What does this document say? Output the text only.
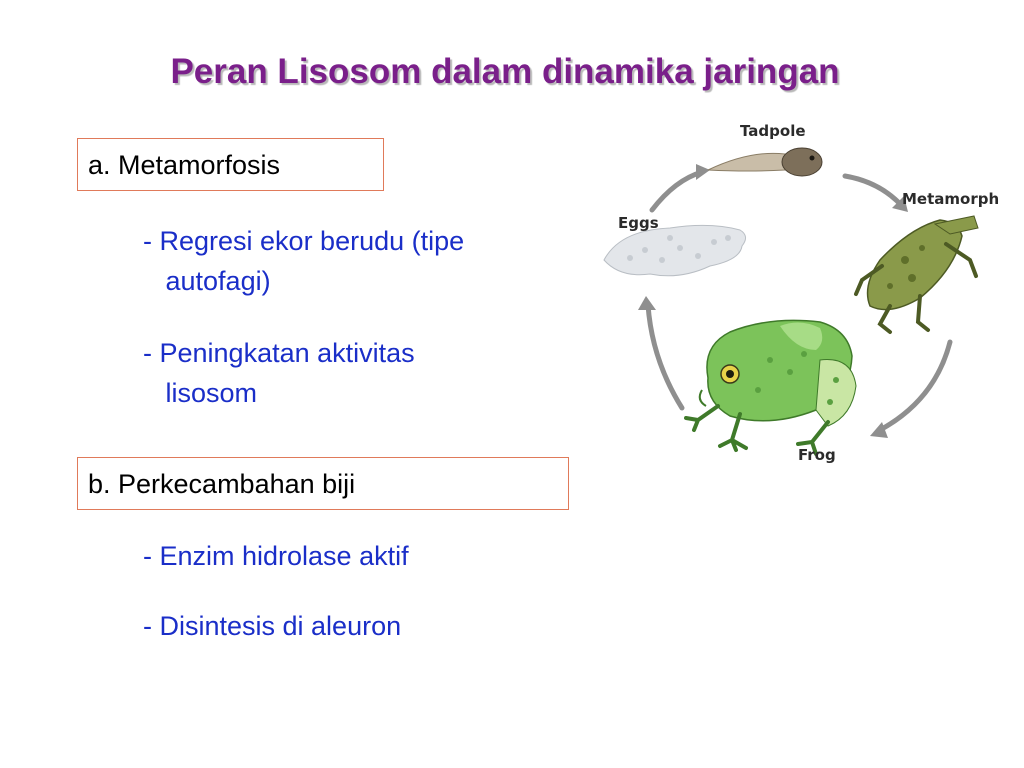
Peran Lisosom dalam dinamika jaringan
a. Metamorfosis
- Regresi ekor berudu (tipe
autofagi)
- Peningkatan aktivitas
lisosom
b. Perkecambahan biji
- Enzim hidrolase aktif
- Disintesis di aleuron
Tadpole
Eggs
Metamorph
Frog
